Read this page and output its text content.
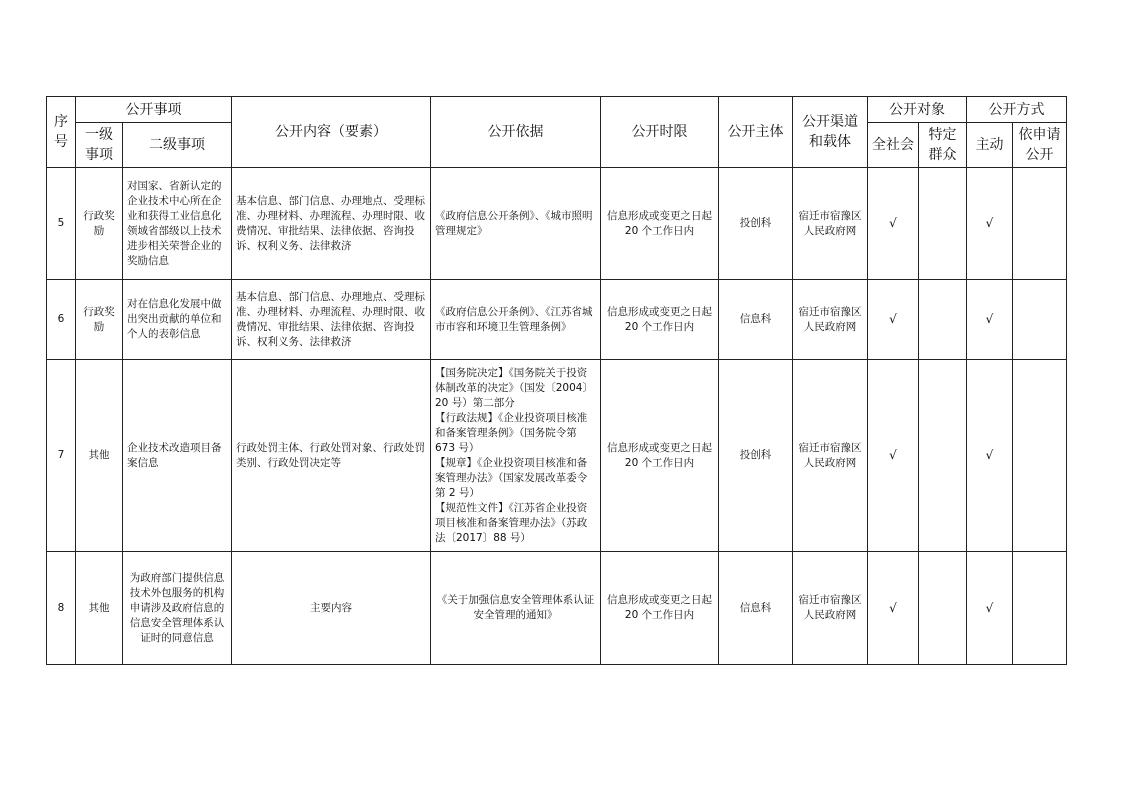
序号	公开事项		公开内容（要素）	公开依据	公开时限	公开主体	公开渠道和载体	公开对象		公开方式	
	一级事项	二级事项						全社会	特定群众	主动	依申请公开
5	行政奖励	对国家、省新认定的企业技术中心所在企业和获得工业信息化领域省部级以上技术进步相关荣誉企业的奖励信息	基本信息、部门信息、办理地点、受理标准、办理材料、办理流程、办理时限、收费情况、审批结果、法律依据、咨询投诉、权利义务、法律救济	《政府信息公开条例》、《城市照明管理规定》	信息形成或变更之日起 20 个工作日内	投创科	宿迁市宿豫区人民政府网	√		√	
6	行政奖励	对在信息化发展中做出突出贡献的单位和个人的表彰信息	基本信息、部门信息、办理地点、受理标准、办理材料、办理流程、办理时限、收费情况、审批结果、法律依据、咨询投诉、权利义务、法律救济	《政府信息公开条例》、《江苏省城市市容和环境卫生管理条例》	信息形成或变更之日起 20 个工作日内	信息科	宿迁市宿豫区人民政府网	√		√	
7	其他	企业技术改造项目备案信息	行政处罚主体、行政处罚对象、行政处罚类别、行政处罚决定等	【国务院决定】《国务院关于投资体制改革的决定》（国发〔2004〕20 号）第二部分
【行政法规】《企业投资项目核准和备案管理条例》（国务院令第 673 号）
【规章】《企业投资项目核准和备案管理办法》（国家发展改革委令第 2 号）
【规范性文件】《江苏省企业投资项目核准和备案管理办法》（苏政法〔2017〕88 号）	信息形成或变更之日起 20 个工作日内	投创科	宿迁市宿豫区人民政府网	√		√	
8	其他	为政府部门提供信息技术外包服务的机构申请涉及政府信息的信息安全管理体系认证时的同意信息	主要内容	《关于加强信息安全管理体系认证安全管理的通知》	信息形成或变更之日起 20 个工作日内	信息科	宿迁市宿豫区人民政府网	√		√	
